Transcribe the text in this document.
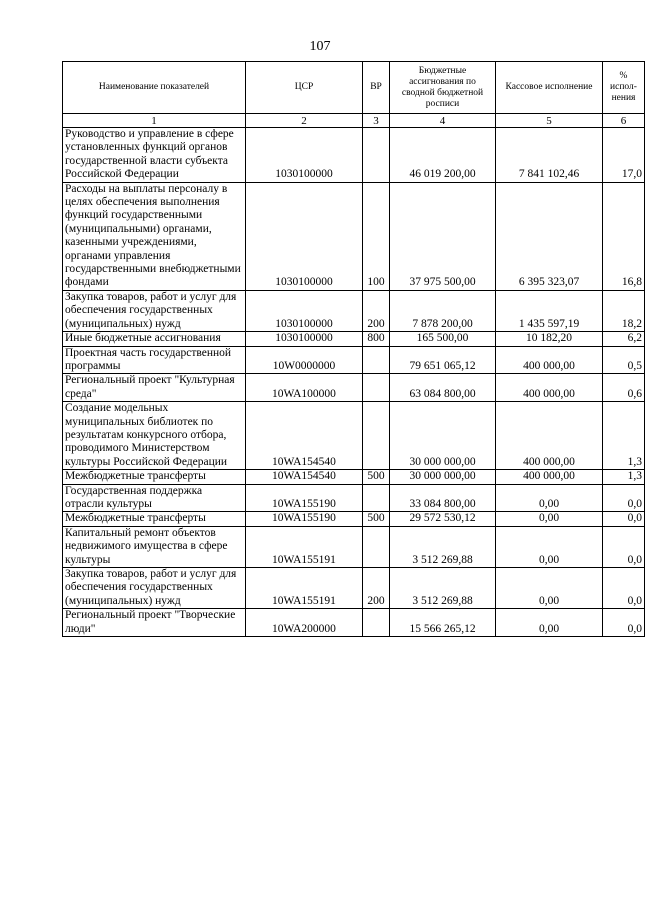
107
Наименование показателей	ЦСР	ВР	Бюджетные ассигнования по сводной бюджетной росписи	Кассовое исполнение	% испол-нения
1	2	3	4	5	6
Руководство и управление в сфере установленных функций органов государственной власти субъекта Российской Федерации	1030100000		46 019 200,00	7 841 102,46	17,0
Расходы на выплаты персоналу в целях обеспечения выполнения функций государственными (муниципальными) органами, казенными учреждениями, органами управления государственными внебюджетными фондами	1030100000	100	37 975 500,00	6 395 323,07	16,8
Закупка товаров, работ и услуг для обеспечения государственных (муниципальных) нужд	1030100000	200	7 878 200,00	1 435 597,19	18,2
Иные бюджетные ассигнования	1030100000	800	165 500,00	10 182,20	6,2
Проектная часть государственной программы	10W0000000		79 651 065,12	400 000,00	0,5
Региональный проект "Культурная среда"	10WA100000		63 084 800,00	400 000,00	0,6
Создание модельных муниципальных библиотек по результатам конкурсного отбора, проводимого Министерством культуры Российской Федерации	10WA154540		30 000 000,00	400 000,00	1,3
Межбюджетные трансферты	10WA154540	500	30 000 000,00	400 000,00	1,3
Государственная поддержка отрасли культуры	10WA155190		33 084 800,00	0,00	0,0
Межбюджетные трансферты	10WA155190	500	29 572 530,12	0,00	0,0
Капитальный ремонт объектов недвижимого имущества в сфере культуры	10WA155191		3 512 269,88	0,00	0,0
Закупка товаров, работ и услуг для обеспечения государственных (муниципальных) нужд	10WA155191	200	3 512 269,88	0,00	0,0
Региональный проект "Творческие люди"	10WA200000		15 566 265,12	0,00	0,0
